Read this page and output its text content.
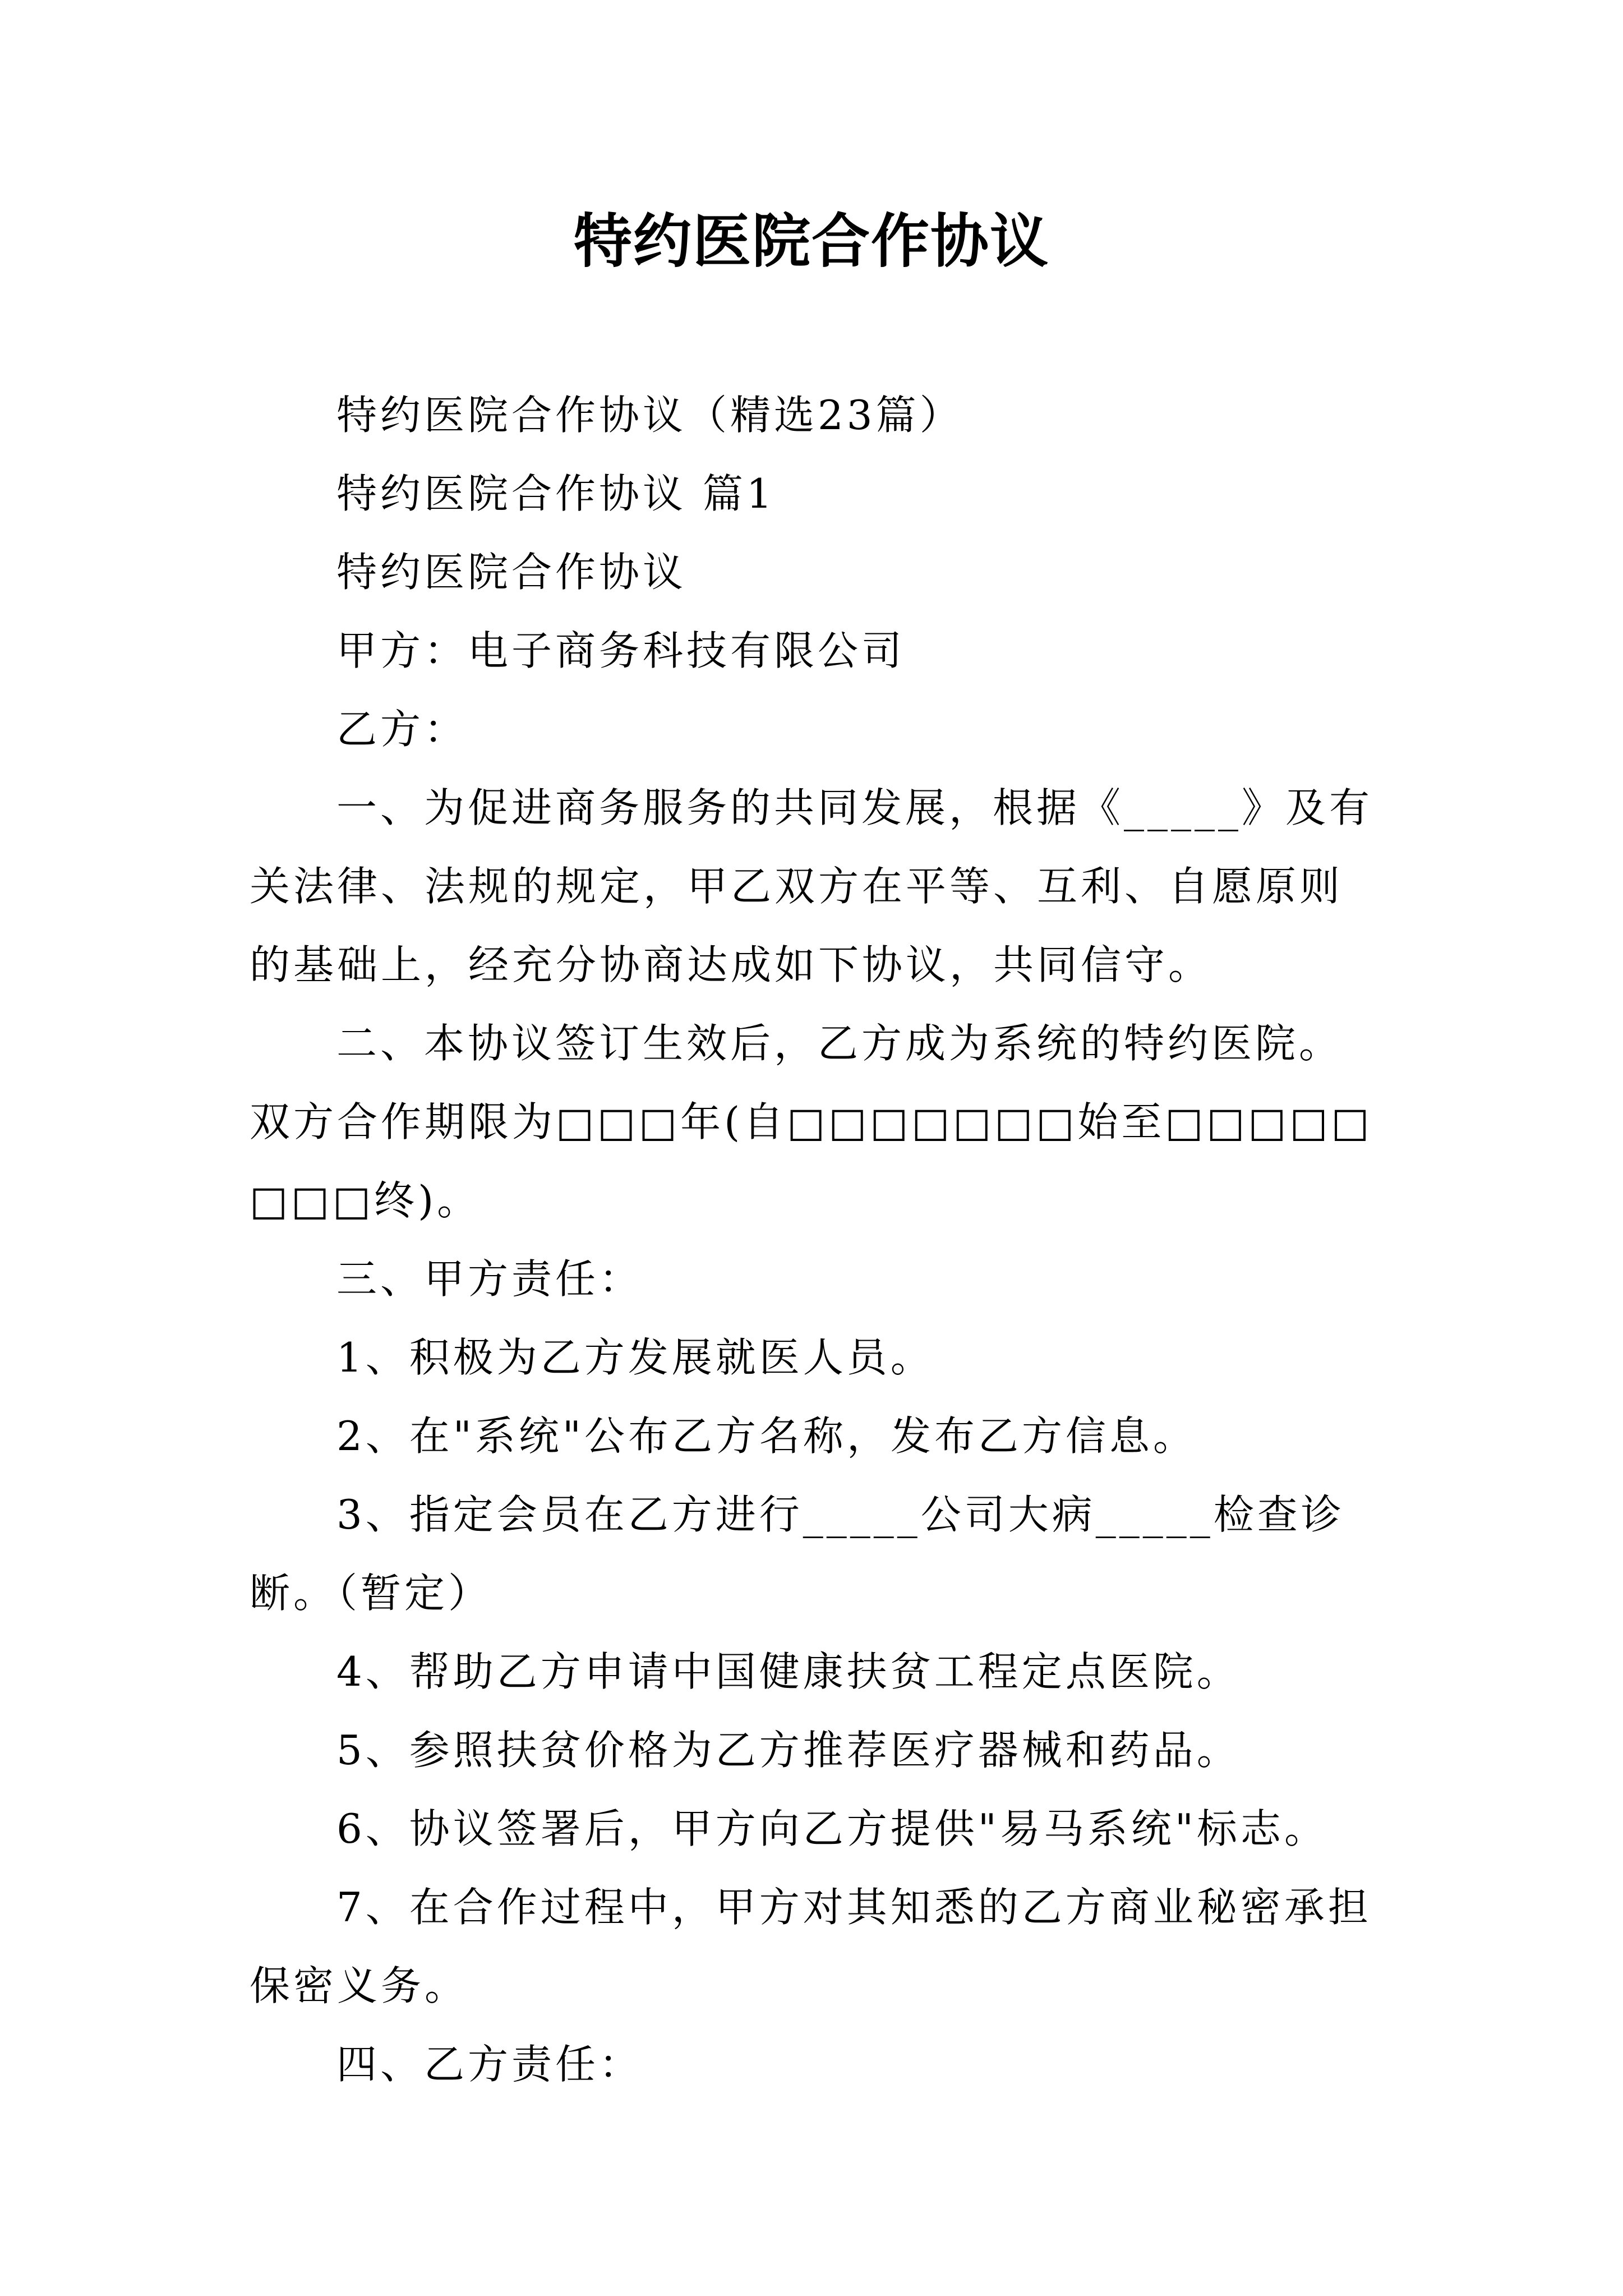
特约医院合作协议

特约医院合作协议（精选23篇）

特约医院合作协议 篇1

特约医院合作协议

甲方：电子商务科技有限公司

乙方：

一、为促进商务服务的共同发展，根据《_____》及有关法律、法规的规定，甲乙双方在平等、互利、自愿原则的基础上，经充分协商达成如下协议，共同信守。

二、本协议签订生效后，乙方成为系统的特约医院。双方合作期限为□□□年(自□□□□□□□始至□□□□□□□□终)。

三、甲方责任：

1、积极为乙方发展就医人员。

2、在"系统"公布乙方名称，发布乙方信息。

3、指定会员在乙方进行_____公司大病_____检查诊断。（暂定）

4、帮助乙方申请中国健康扶贫工程定点医院。

5、参照扶贫价格为乙方推荐医疗器械和药品。

6、协议签署后，甲方向乙方提供"易马系统"标志。

7、在合作过程中，甲方对其知悉的乙方商业秘密承担保密义务。

四、乙方责任：
